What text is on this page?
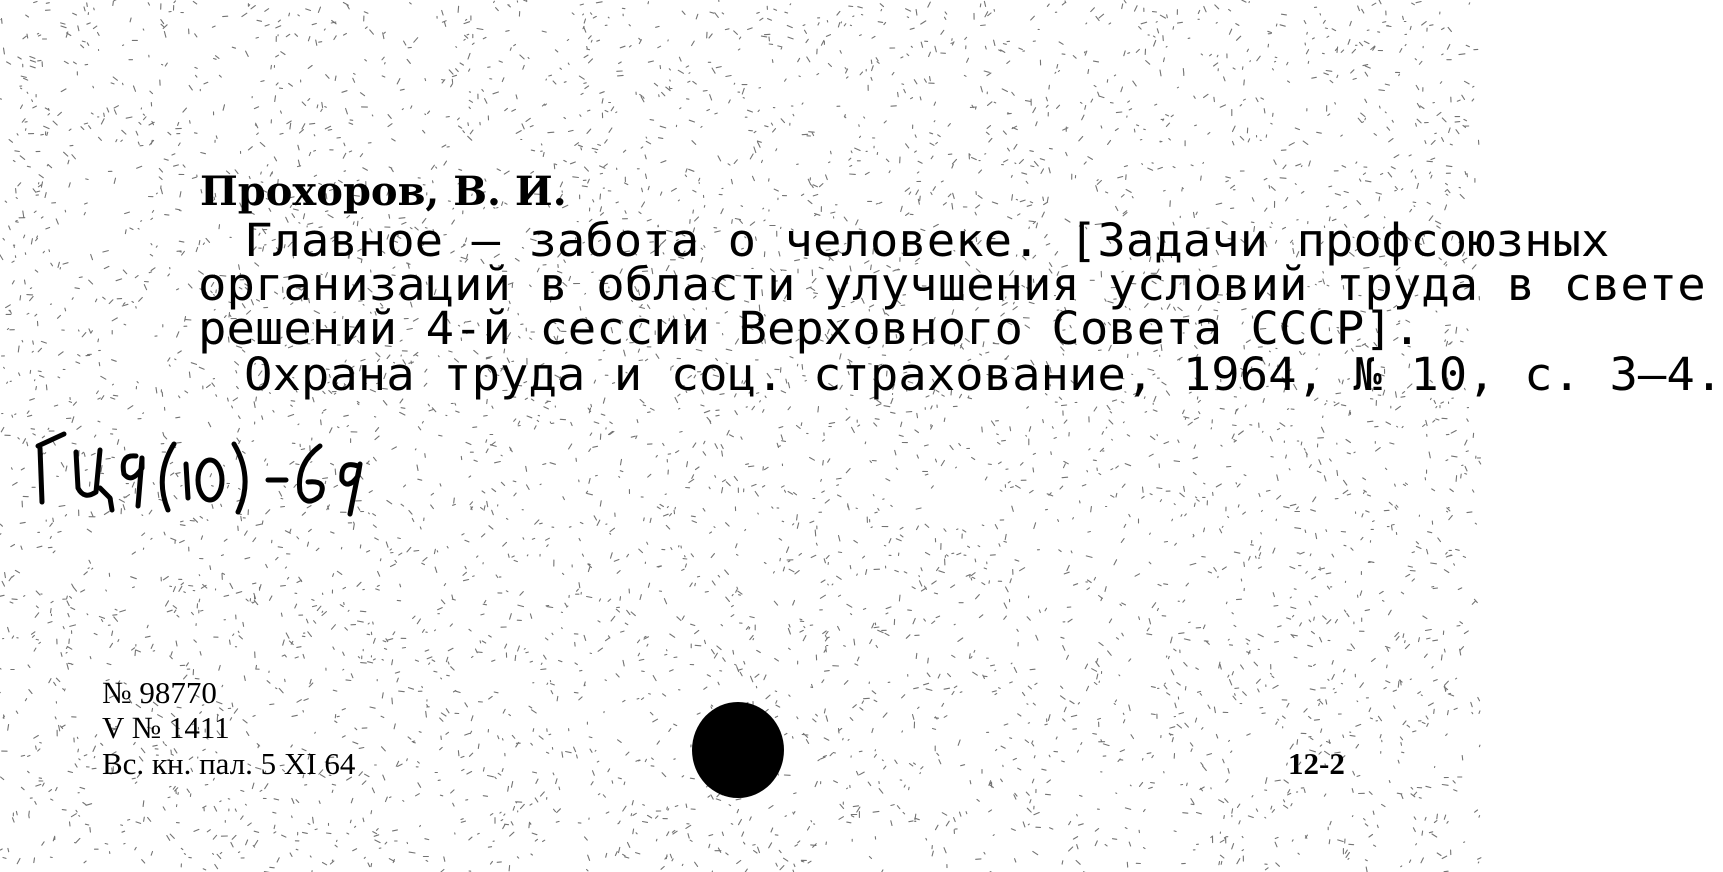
Прохоров, В. И.
Главное — забота о человеке. [Задачи профсоюзных
организаций в области улучшения условий труда в свете
решений 4-й сессии Верховного Совета СССР].
Охрана труда и соц. страхование, 1964, № 10, с. 3—4.
№ 98770
V № 1411
Вс. кн. пал. 5 XI 64	12-2
